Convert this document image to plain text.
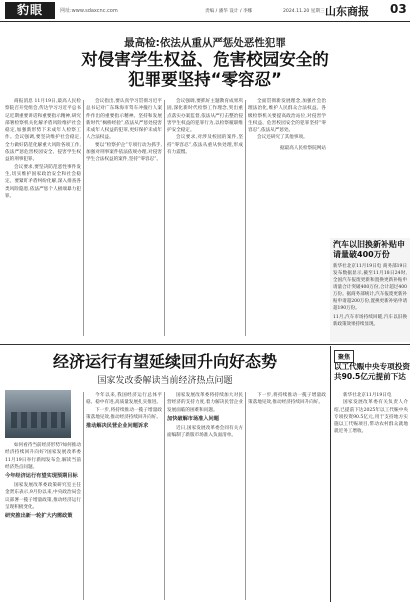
豹眼	网址:www.sdaxcnc.com	责编 / 潘华 设计 / 李娜	2024.11.20 星期三 山东商报 03
最高检:依法从重从严惩处恶性犯罪
对侵害学生权益、危害校园安全的
犯罪要坚持“零容忍”

商报消息 11月19日,最高人民检察院召开党组会,传达学习习近平总书记近期重要讲话和重要指示精神,研究部署检察机关化解矛盾风险维护社会稳定,加强新形势下未成年人检察工作。会议强调,要坚决维护社会稳定,全力做好防范化解重大风险各项工作,依法严惩危害校园安全、侵害学生权益的刑事犯罪。

会议要求,要坚决防范恶性事件发生,切实维护国家政治安全和社会稳定。要紧盯矛盾纠纷化解,深入排查各类风险隐患,依法严惩个人极端暴力犯罪。

会议指出,要认真学习贯彻习近平总书记对广东珠海市驾车冲撞行人案件作出的重要指示精神。坚持和发展新时代“枫桥经验”,依法从严惩处侵害未成年人权益的犯罪,更好保护未成年人合法权益。

要以“检察护企”专项行动为抓手,加强对刑事案件依法依规办理,对侵害学生合法权益的案件,坚持“零容忍”。

会议强调,要抓好主题教育成果巩固,深化新时代检察工作理念,突出重点落实办案监督,依法从严打击整治侵害学生权益的犯罪行为,以检察履职维护安全稳定。

会议要求,对涉及校园的案件,坚持“零容忍”,依法从重从快处理,形成有力震慑。

全面贯彻新发展理念,加强社会治理法治化,维护人民群众合法权益。各级检察机关要提高政治站位,对侵害学生权益、危害校园安全的犯罪坚持“零容忍”,依法从严惩处。

会议还研究了其他事项。

据最高人民检察院网站

汽车以旧换新补贴申请量破400万份
新华社北京11月19日电 商务部19日发布数据显示,截至11月18日24时,全国汽车报废更新和置换更新补贴申请量合计突破400万份,合计超过400万份。据商务部统计,汽车报废更新补贴申请超200万份,置换更新补贴申请超190万份。
11月,汽车市场持续回暖,汽车以旧换新政策效果持续显现。
经济运行有望延续回升向好态势
国家发改委解读当前经济热点问题

如何看待当前经济形势?如何推动经济持续回升向好?国家发展改革委11月19日举行新闻发布会,解读当前经济热点问题。

今年经济运行有望实现预期目标

国家发展改革委政策研究室主任金贤东表示,9月份以来,中央政治局会议部署一揽子增量政策,推动经济运行呈现积极变化。

研究推出新一轮扩大内需政策

今年以来,我国经济运行总体平稳、稳中有进,高质量发展扎实推进。

下一步,将持续推动一揽子增量政策落地见效,推动经济持续回升向好。

推动解决民营企业问题诉求

国家发展改革委将持续加大对民营经济的支持力度,着力解决民营企业发展面临的困难和问题。

加快破解市场准入问题

近日,国家发展改革委会同有关方面编制了新版市场准入负面清单。

下一步,将持续推动一揽子增量政策落地见效,推动经济持续回升向好。

聚焦
以工代赈中央专项投资共90.5亿元提前下达

新华社北京11月19日电

国家发展改革委有关负责人介绍,已提前下达2025年以工代赈中央专项投资90.5亿元,用于支持地方实施以工代赈项目,带动农村群众就地就近务工增收。
